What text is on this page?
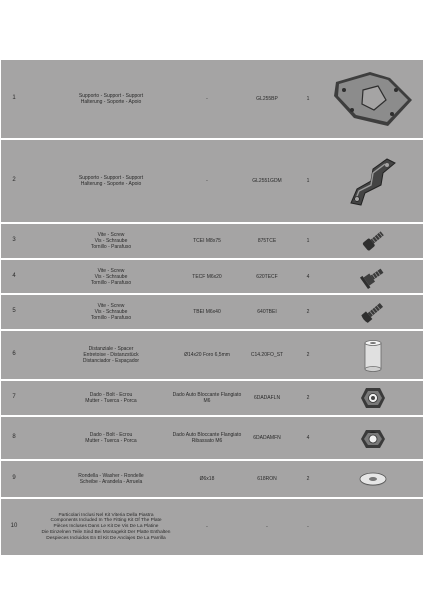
1	Supporto - Support - Support
Halterung - Soporte - Apoio	-	GL255BP	1
2	Supporto - Support - Support
Halterung - Soporte - Apoio	-	GL2551GDM	1
3
Vite - Screw
Vis - Schraube
Tornillo - Parafuso
TCEI M8x75	875TCE	1
4
Vite - Screw
Vis - Schraube
Tornillo - Parafuso
TECF M6x20	620TECF	4
5
Vite - Screw
Vis - Schraube
Tornillo - Parafuso
TBEI M6x40	640TBEI	2
6
Distanziale - Spacer
Entretoise - Distanzstück
Distanciador - Espaçador
Ø14x20 Foro 6,5mm	C14.20FO_ST	2
7	Dado - Bolt - Ecrou
Mutter - Tuerca - Porca
Dado Auto Bloccante Flangiato M6	6DADAFLN	2
8	Dado - Bolt - Ecrou
Mutter - Tuerca - Porca
Dado Auto Bloccante Flangiato Ribassato M6	6DADAMFN	4
9	Rondella - Washer - Rondelle
Scheibe - Arandela - Arruela	Ø6x18	618RON	2
10
Particolari Inclusi Nel Kit Viteria Della Piastra
Components Included In The Fitting Kit Of The Plate
Pièces Incluses Dans Le Kit De Vis De La Platine
Die Einzelnen Teile Sind Bei Montagekit Der Platte Enthalten
Despieces Incluidos En El Kit De Anclajes De La Parrilla
-	-	-
